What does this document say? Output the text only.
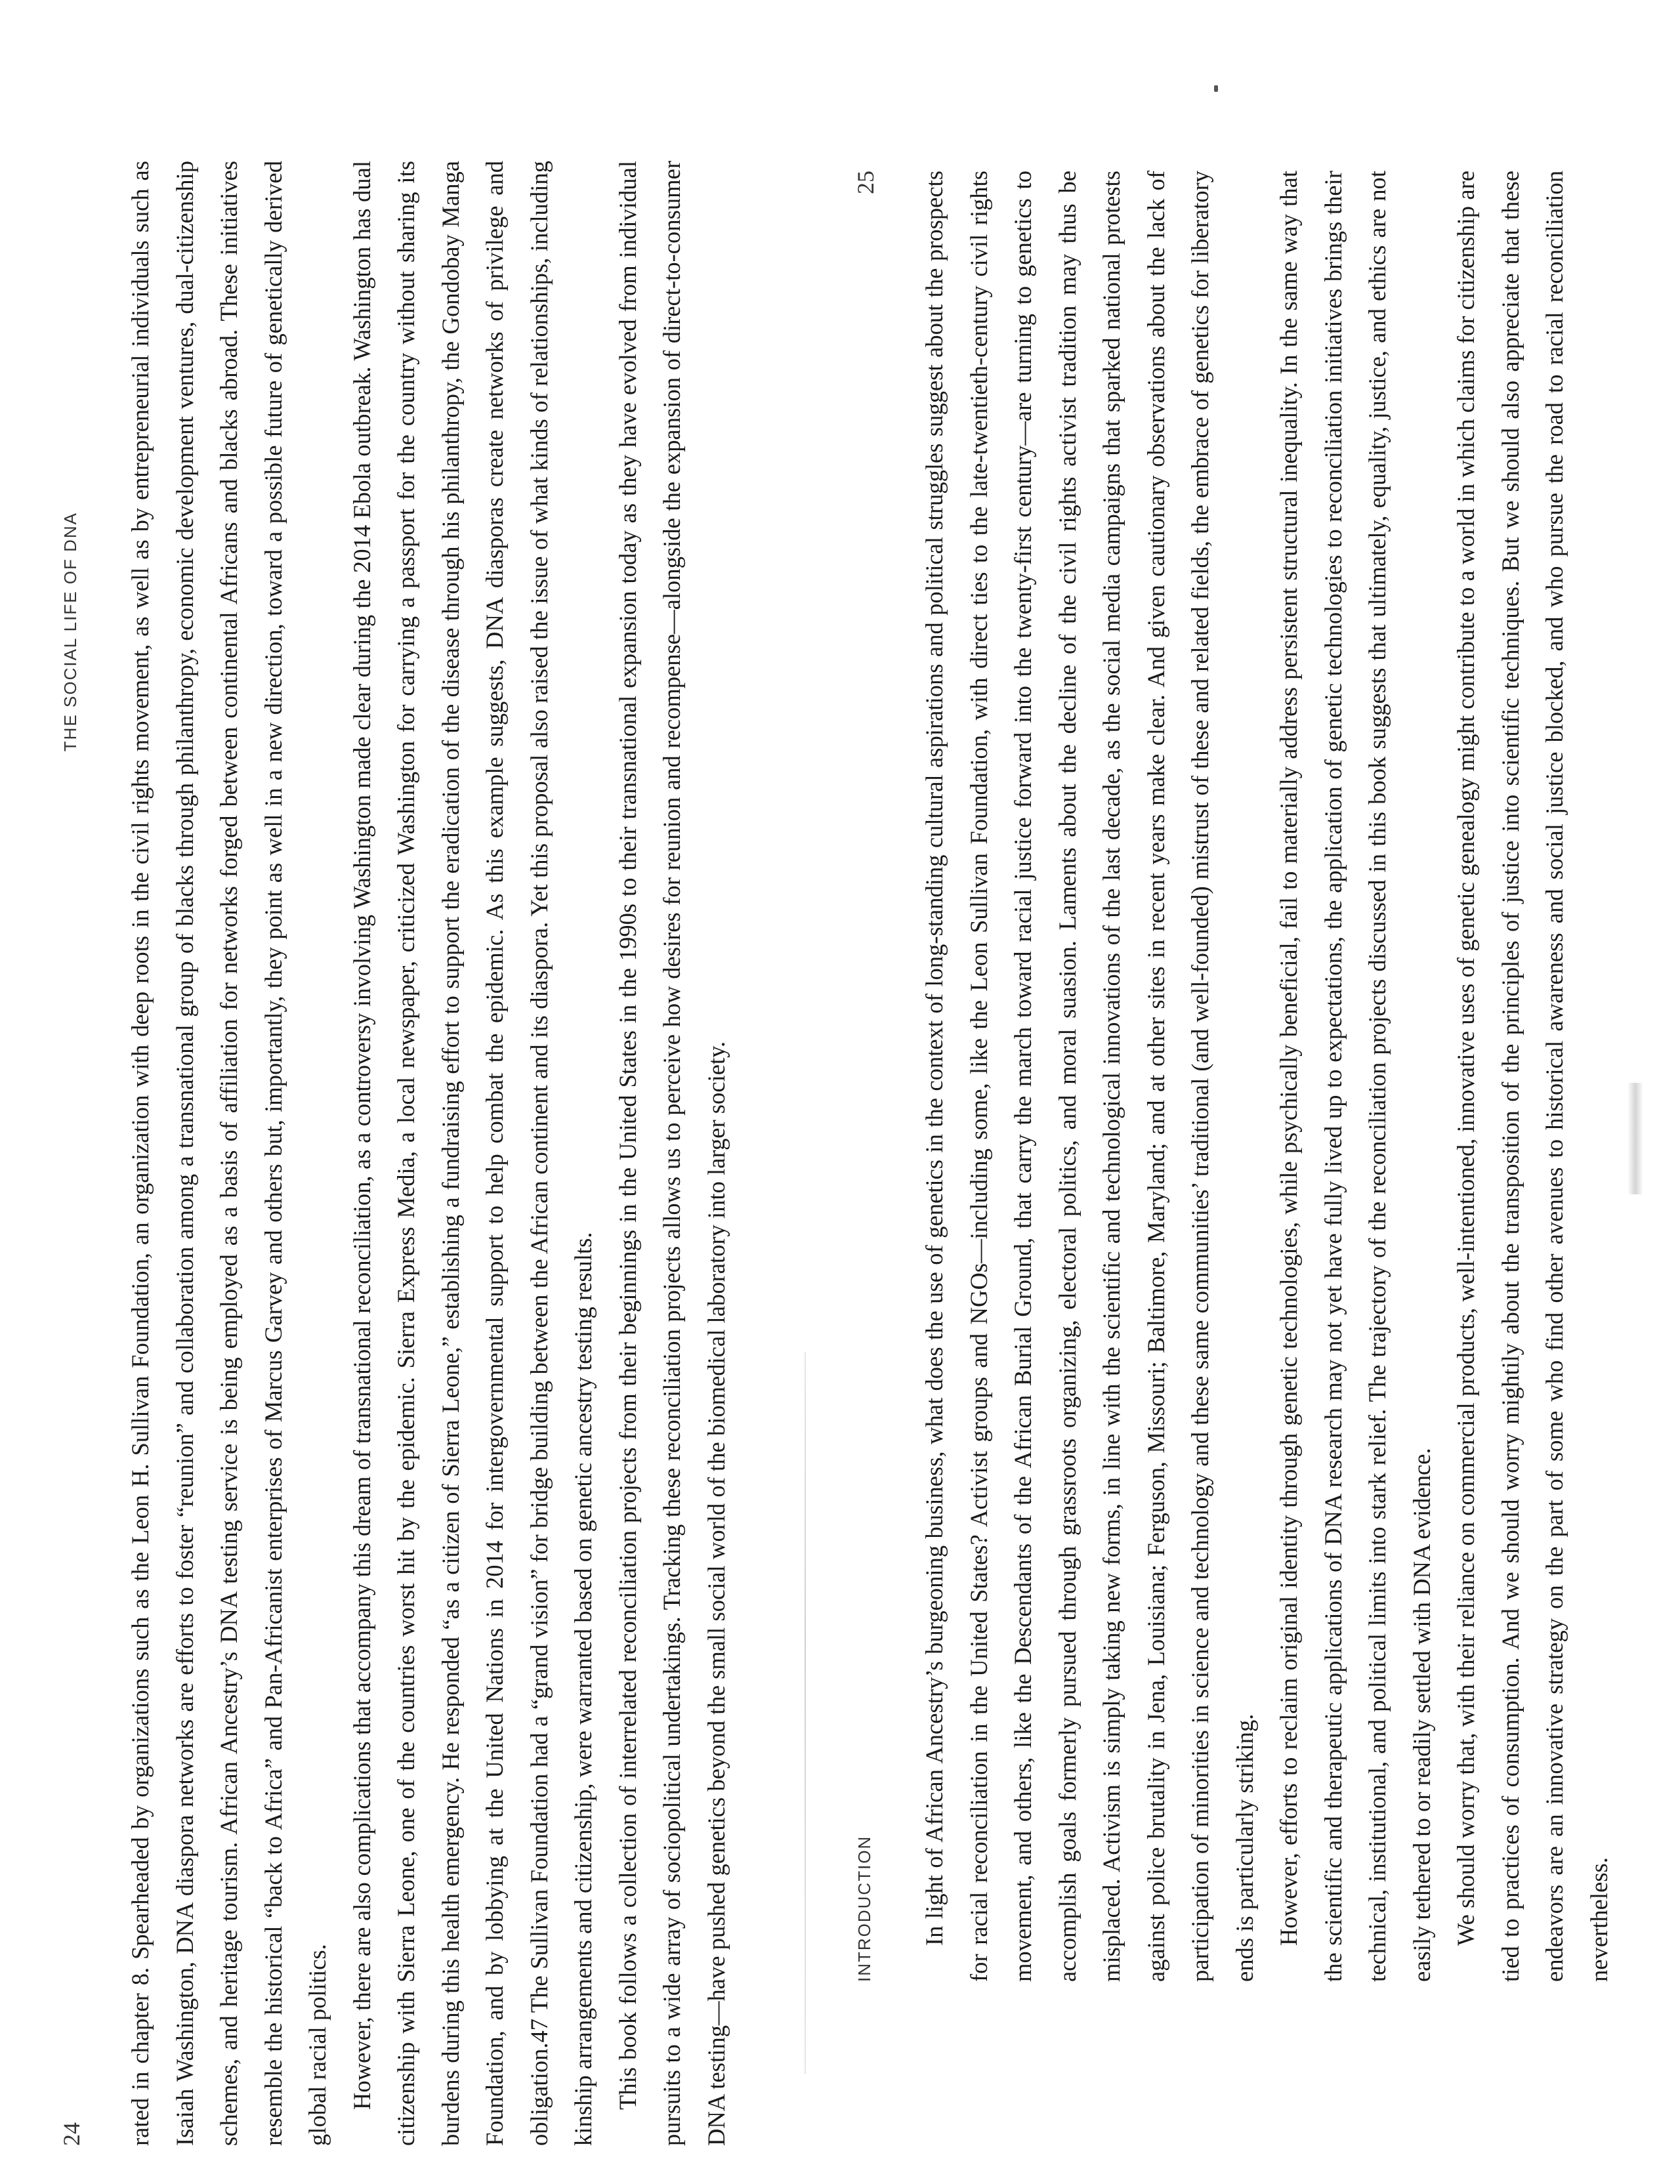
24
THE SOCIAL LIFE OF DNA	rated in chapter 8. Spearheaded by organizations such as the Leon H. Sullivan Foundation, an organization with deep roots in the civil rights movement, as well as by entrepreneurial individuals such as Isaiah Washington, DNA diaspora networks are efforts to foster “reunion” and collaboration among a transnational group of blacks through philanthropy, economic development ventures, dual-citizenship schemes, and heritage tourism. African Ancestry’s DNA testing service is being employed as a basis of affiliation for networks forged between continental Africans and blacks abroad. These initiatives resemble the historical “back to Africa” and Pan-Africanist enterprises of Marcus Garvey and others but, importantly, they point as well in a new direction, toward a possible future of genetically derived global racial politics. However, there are also complications that accompany this dream of transnational reconciliation, as a controversy involving Washington made clear during the 2014 Ebola outbreak. Washington has dual citizenship with Sierra Leone, one of the countries worst hit by the epidemic. Sierra Express Media, a local newspaper, criticized Washington for carrying a passport for the country without sharing its burdens during this health emergency. He responded “as a citizen of Sierra Leone,” establishing a fundraising effort to support the eradication of the disease through his philanthropy, the Gondobay Manga Foundation, and by lobbying at the United Nations in 2014 for intergovernmental support to help combat the epidemic. As this example suggests, DNA diasporas create networks of privilege and obligation.47 The Sullivan Foundation had a “grand vision” for bridge building between the African continent and its diaspora. Yet this proposal also raised the issue of what kinds of relationships, including kinship arrangements and citizenship, were warranted based on genetic ancestry testing results. This book follows a collection of interrelated reconciliation projects from their beginnings in the United States in the 1990s to their transnational expansion today as they have evolved from individual pursuits to a wide array of sociopolitical undertakings. Tracking these reconciliation projects allows us to perceive how desires for reunion and recompense—alongside the expansion of direct-to-consumer DNA testing—have pushed genetics beyond the small social world of the biomedical laboratory into larger society.	INTRODUCTION
25	In light of African Ancestry’s burgeoning business, what does the use of genetics in the context of long-standing cultural aspirations and political struggles suggest about the prospects for racial reconciliation in the United States? Activist groups and NGOs—including some, like the Leon Sullivan Foundation, with direct ties to the late-twentieth-century civil rights movement, and others, like the Descendants of the African Burial Ground, that carry the march toward racial justice forward into the twenty-first century—are turning to genetics to accomplish goals formerly pursued through grassroots organizing, electoral politics, and moral suasion. Laments about the decline of the civil rights activist tradition may thus be misplaced. Activism is simply taking new forms, in line with the scientific and technological innovations of the last decade, as the social media campaigns that sparked national protests against police brutality in Jena, Louisiana; Ferguson, Missouri; Baltimore, Maryland; and at other sites in recent years make clear. And given cautionary observations about the lack of participation of minorities in science and technology and these same communities’ traditional (and well-founded) mistrust of these and related fields, the embrace of genetics for liberatory ends is particularly striking. However, efforts to reclaim original identity through genetic technologies, while psychically beneficial, fail to materially address persistent structural inequality. In the same way that the scientific and therapeutic applications of DNA research may not yet have fully lived up to expectations, the application of genetic technologies to reconciliation initiatives brings their technical, institutional, and political limits into stark relief. The trajectory of the reconciliation projects discussed in this book suggests that ultimately, equality, justice, and ethics are not easily tethered to or readily settled with DNA evidence. We should worry that, with their reliance on commercial products, well-intentioned, innovative uses of genetic genealogy might contribute to a world in which claims for citizenship are tied to practices of consumption. And we should worry mightily about the transposition of the principles of justice into scientific techniques. But we should also appreciate that these endeavors are an innovative strategy on the part of some who find other avenues to historical awareness and social justice blocked, and who pursue the road to racial reconciliation nevertheless.
